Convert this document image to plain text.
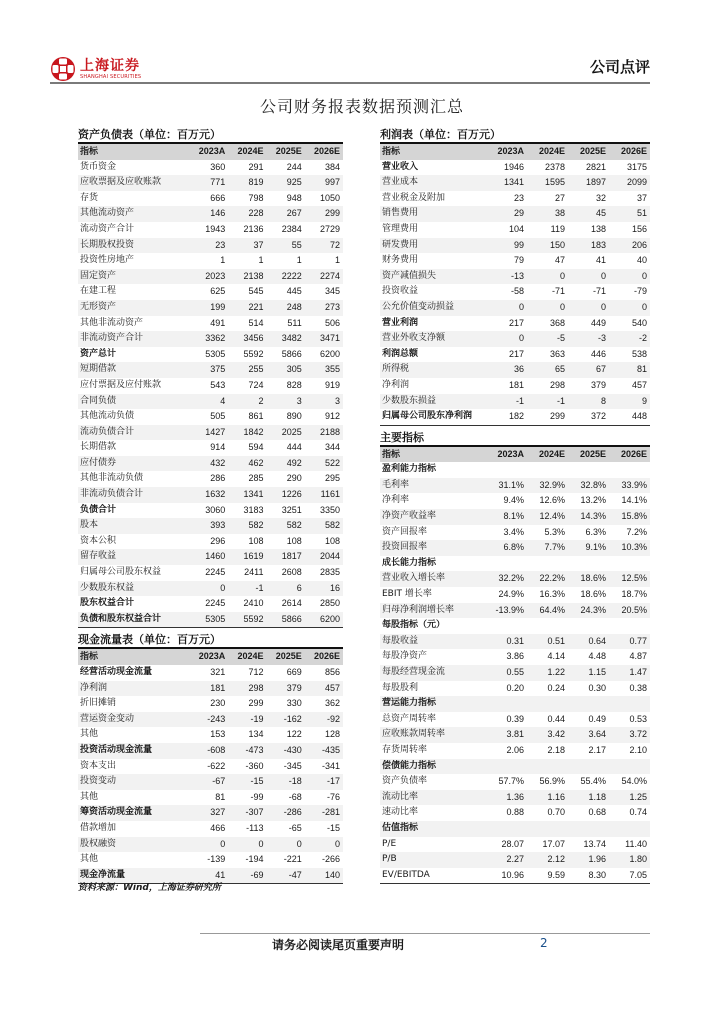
上海证券
SHANGHAI SECURITIES
公司点评
公司财务报表数据预测汇总
资产负债表（单位：百万元）
指标	2023A	2024E	2025E	2026E
货币资金	360	291	244	384
应收票据及应收账款	771	819	925	997
存货	666	798	948	1050
其他流动资产	146	228	267	299
流动资产合计	1943	2136	2384	2729
长期股权投资	23	37	55	72
投资性房地产	1	1	1	1
固定资产	2023	2138	2222	2274
在建工程	625	545	445	345
无形资产	199	221	248	273
其他非流动资产	491	514	511	506
非流动资产合计	3362	3456	3482	3471
资产总计	5305	5592	5866	6200
短期借款	375	255	305	355
应付票据及应付账款	543	724	828	919
合同负债	4	2	3	3
其他流动负债	505	861	890	912
流动负债合计	1427	1842	2025	2188
长期借款	914	594	444	344
应付债券	432	462	492	522
其他非流动负债	286	285	290	295
非流动负债合计	1632	1341	1226	1161
负债合计	3060	3183	3251	3350
股本	393	582	582	582
资本公积	296	108	108	108
留存收益	1460	1619	1817	2044
归属母公司股东权益	2245	2411	2608	2835
少数股东权益	0	-1	6	16
股东权益合计	2245	2410	2614	2850
负债和股东权益合计	5305	5592	5866	6200
现金流量表（单位：百万元）
指标	2023A	2024E	2025E	2026E
经营活动现金流量	321	712	669	856
净利润	181	298	379	457
折旧摊销	230	299	330	362
营运资金变动	-243	-19	-162	-92
其他	153	134	122	128
投资活动现金流量	-608	-473	-430	-435
资本支出	-622	-360	-345	-341
投资变动	-67	-15	-18	-17
其他	81	-99	-68	-76
筹资活动现金流量	327	-307	-286	-281
借款增加	466	-113	-65	-15
股权融资	0	0	0	0
其他	-139	-194	-221	-266
现金净流量	41	-69	-47	140
利润表（单位：百万元）
指标	2023A	2024E	2025E	2026E
营业收入	1946	2378	2821	3175
营业成本	1341	1595	1897	2099
营业税金及附加	23	27	32	37
销售费用	29	38	45	51
管理费用	104	119	138	156
研发费用	99	150	183	206
财务费用	79	47	41	40
资产减值损失	-13	0	0	0
投资收益	-58	-71	-71	-79
公允价值变动损益	0	0	0	0
营业利润	217	368	449	540
营业外收支净额	0	-5	-3	-2
利润总额	217	363	446	538
所得税	36	65	67	81
净利润	181	298	379	457
少数股东损益	-1	-1	8	9
归属母公司股东净利润	182	299	372	448
主要指标
指标	2023A	2024E	2025E	2026E
盈利能力指标				
毛利率	31.1%	32.9%	32.8%	33.9%
净利率	9.4%	12.6%	13.2%	14.1%
净资产收益率	8.1%	12.4%	14.3%	15.8%
资产回报率	3.4%	5.3%	6.3%	7.2%
投资回报率	6.8%	7.7%	9.1%	10.3%
成长能力指标				
营业收入增长率	32.2%	22.2%	18.6%	12.5%
EBIT 增长率	24.9%	16.3%	18.6%	18.7%
归母净利润增长率	-13.9%	64.4%	24.3%	20.5%
每股指标（元）				
每股收益	0.31	0.51	0.64	0.77
每股净资产	3.86	4.14	4.48	4.87
每股经营现金流	0.55	1.22	1.15	1.47
每股股利	0.20	0.24	0.30	0.38
营运能力指标				
总资产周转率	0.39	0.44	0.49	0.53
应收账款周转率	3.81	3.42	3.64	3.72
存货周转率	2.06	2.18	2.17	2.10
偿债能力指标				
资产负债率	57.7%	56.9%	55.4%	54.0%
流动比率	1.36	1.16	1.18	1.25
速动比率	0.88	0.70	0.68	0.74
估值指标				
P/E	28.07	17.07	13.74	11.40
P/B	2.27	2.12	1.96	1.80
EV/EBITDA	10.96	9.59	8.30	7.05
资料来源：Wind，上海证券研究所
请务必阅读尾页重要声明	2
